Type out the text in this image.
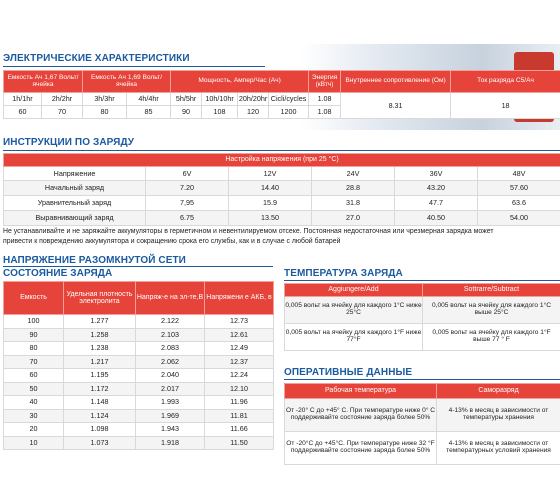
ЭЛЕКТРИЧЕСКИЕ ХАРАКТЕРИСТИКИ
Емкость Ач 1,67 Вольт/ячейка		Емкость Ач 1,69 Вольт/ячейка		Мощность, Ампер/Час (Ач)				Энергия (кВтч)	Внутреннее сопротивление (Ом)	Ток разряда C5/Ач
1h/1hr	2h/2hr	3h/3hr	4h/4hr	5h/5hr	10h/10hr	20h/20hr	Cicli/cycles	1.08	8.31	18
60	70	80	85	90	108	120	1200	1.08		
ИНСТРУКЦИИ ПО ЗАРЯДУ
Настройка напряжения (при 25 °C)					
Напряжение	6V	12V	24V	36V	48V
Начальный заряд	7.20	14.40	28.8	43.20	57.60
Уравнительный заряд	7,95	15.9	31.8	47.7	63.6
Выравнивающий заряд	6.75	13.50	27.0	40.50	54.00
Не устанавливайте и не заряжайте аккумуляторы в герметичном и невентилируемом отсеке. Постоянная недостаточная или чрезмерная зарядка может
привести к повреждению аккумулятора и сокращению срока его службы, как и в случае с любой батарей
НАПРЯЖЕНИЕ РАЗОМКНУТОЙ СЕТИ
СОСТОЯНИЕ ЗАРЯДА
Емкость	Удельная плотность электролита	Напряж-е на эл-те,В	Напряжени е АКБ, в
100	1.277	2.122	12.73
90	1.258	2.103	12.61
80	1.238	2.083	12.49
70	1.217	2.062	12.37
60	1.195	2.040	12.24
50	1.172	2.017	12.10
40	1.148	1.993	11.96
30	1.124	1.969	11.81
20	1.098	1.943	11.66
10	1.073	1.918	11.50
ТЕМПЕРАТУРА ЗАРЯДА
Aggiungere/Add	Sottrarre/Subtract
0,005 вольт на ячейку для каждого 1°C ниже 25°C	0,005 вольт на ячейку для каждого 1°C выше 25°C
0,005 вольт на ячейку для каждого 1°F ниже 77°F	0,005 вольт на ячейку для каждого 1°F выше 77 ° F
ОПЕРАТИВНЫЕ ДАННЫЕ
Рабочая температура	Саморазряд
От -20° С до +45° С. При температуре ниже 0° С поддерживайте состояние заряда более 50%	4-13% в месяц в зависимости от температуры хранения
От -20°С до +45°С. При температуре ниже 32 °F поддерживайте состояние заряда более 50%	4-13% в месяц в зависимости от температурных условий хранения
